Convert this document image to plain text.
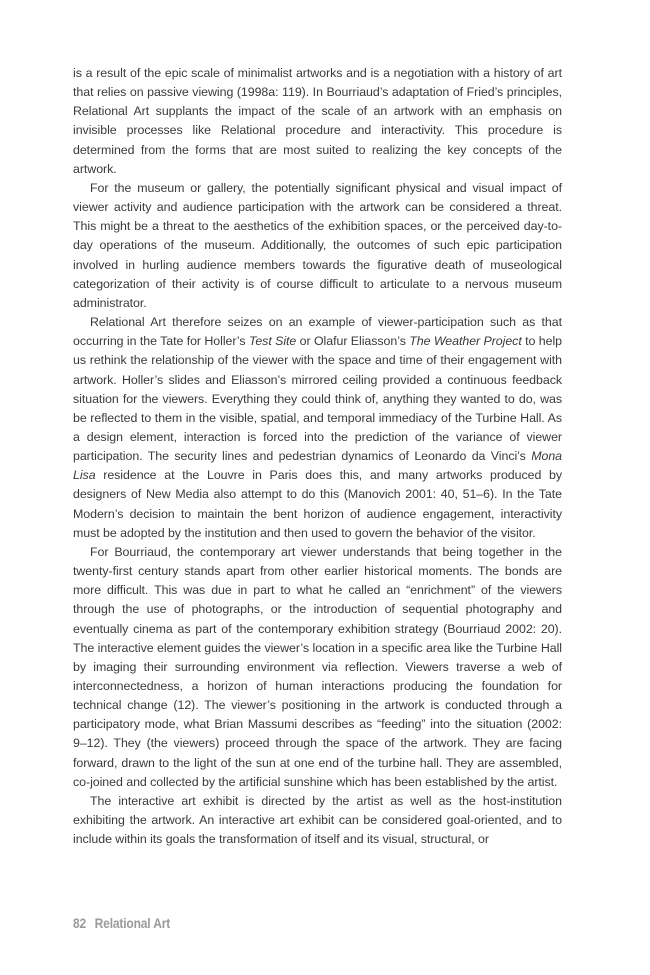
is a result of the epic scale of minimalist artworks and is a negotiation with a history of art that relies on passive viewing (1998a: 119). In Bourriaud’s adaptation of Fried’s principles, Relational Art supplants the impact of the scale of an artwork with an emphasis on invisible processes like Relational procedure and interactivity. This procedure is determined from the forms that are most suited to realizing the key concepts of the artwork.

For the museum or gallery, the potentially significant physical and visual impact of viewer activity and audience participation with the artwork can be considered a threat. This might be a threat to the aesthetics of the exhibition spaces, or the perceived day-to-day operations of the museum. Additionally, the outcomes of such epic participation involved in hurling audience members towards the figurative death of museological categorization of their activity is of course difficult to articulate to a nervous museum administrator.

Relational Art therefore seizes on an example of viewer-participation such as that occurring in the Tate for Holler’s Test Site or Olafur Eliasson’s The Weather Project to help us rethink the relationship of the viewer with the space and time of their engagement with artwork. Holler’s slides and Eliasson’s mirrored ceiling provided a continuous feedback situation for the viewers. Everything they could think of, anything they wanted to do, was be reflected to them in the visible, spatial, and temporal immediacy of the Turbine Hall. As a design element, interaction is forced into the prediction of the variance of viewer participation. The security lines and pedestrian dynamics of Leonardo da Vinci’s Mona Lisa residence at the Louvre in Paris does this, and many artworks produced by designers of New Media also attempt to do this (Manovich 2001: 40, 51–6). In the Tate Modern’s decision to maintain the bent horizon of audience engagement, interactivity must be adopted by the institution and then used to govern the behavior of the visitor.

For Bourriaud, the contemporary art viewer understands that being together in the twenty-first century stands apart from other earlier historical moments. The bonds are more difficult. This was due in part to what he called an “enrichment” of the viewers through the use of photographs, or the introduction of sequential photography and eventually cinema as part of the contemporary exhibition strategy (Bourriaud 2002: 20). The interactive element guides the viewer’s location in a specific area like the Turbine Hall by imaging their surrounding environment via reflection. Viewers traverse a web of interconnectedness, a horizon of human interactions producing the foundation for technical change (12). The viewer’s positioning in the artwork is conducted through a participatory mode, what Brian Massumi describes as “feeding” into the situation (2002: 9–12). They (the viewers) proceed through the space of the artwork. They are facing forward, drawn to the light of the sun at one end of the turbine hall. They are assembled, co-joined and collected by the artificial sunshine which has been established by the artist.

The interactive art exhibit is directed by the artist as well as the host-institution exhibiting the artwork. An interactive art exhibit can be considered goal-oriented, and to include within its goals the transformation of itself and its visual, structural, or

82 Relational Art
